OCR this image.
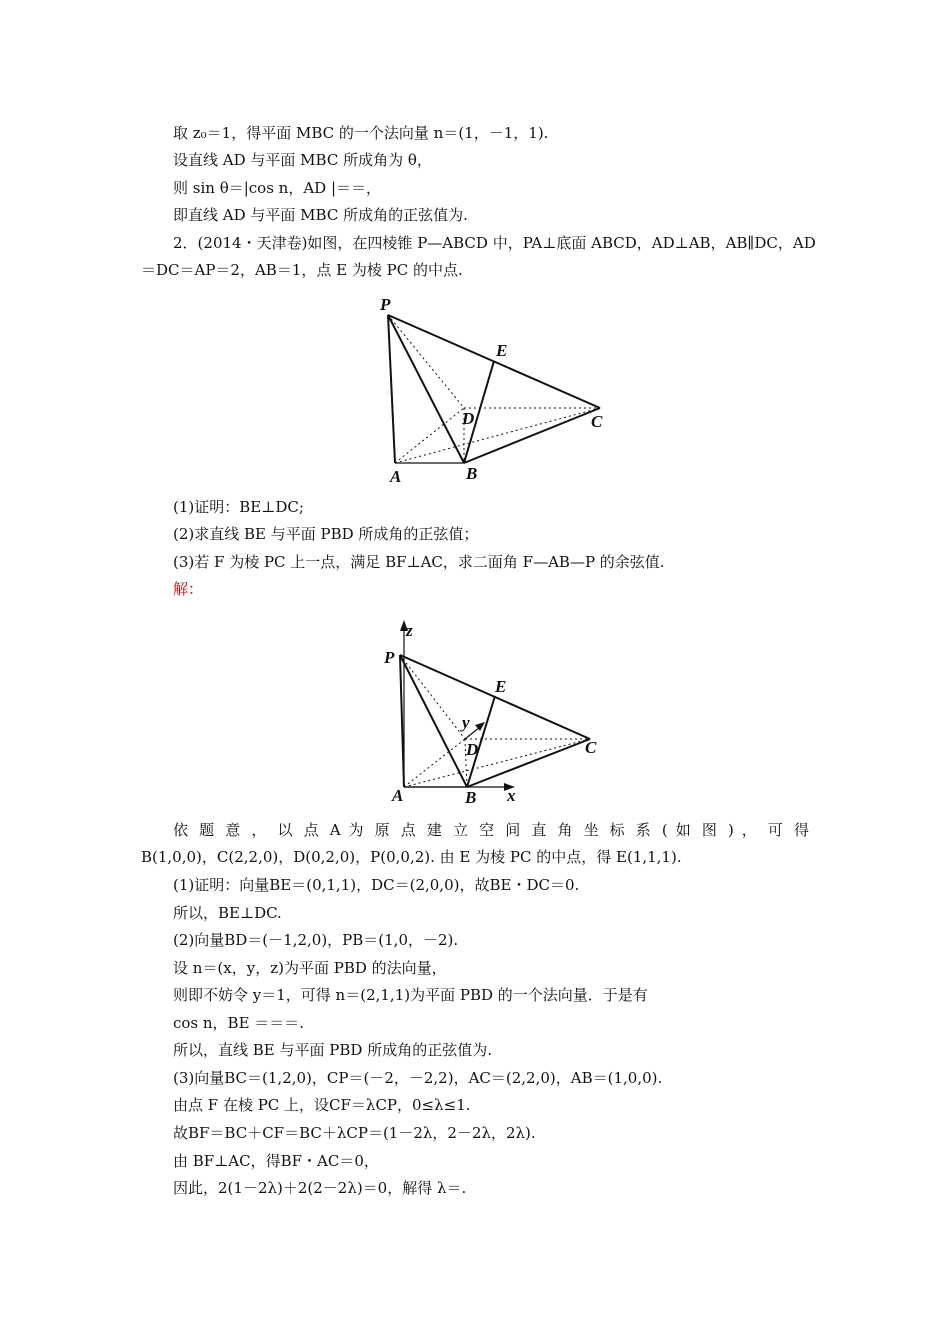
取 z₀＝1，得平面 MBC 的一个法向量 n＝(1，－1，1).
设直线 AD 与平面 MBC 所成角为 θ，
则 sin θ＝|cos n，AD |＝＝，
即直线 AD 与平面 MBC 所成角的正弦值为.
2．(2014・天津卷)如图，在四棱锥 P—ABCD 中，PA⊥底面 ABCD，AD⊥AB，AB∥DC，AD
＝DC＝AP＝2，AB＝1，点 E 为棱 PC 的中点.
P
E
D	C
A	B
(1)证明：BE⊥DC;
(2)求直线 BE 与平面 PBD 所成角的正弦值；
(3)若 F 为棱 PC 上一点，满足 BF⊥AC，求二面角 F—AB—P 的余弦值.
解：
z
P
E
y
D	C
A	B x
依 题 意 ， 以 点 A 为 原 点 建 立 空 间 直 角 坐 标 系 ( 如 图 ) ， 可 得
B(1,0,0)，C(2,2,0)，D(0,2,0)，P(0,0,2). 由 E 为棱 PC 的中点，得 E(1,1,1).
(1)证明：向量BE＝(0,1,1)，DC＝(2,0,0)，故BE・DC＝0.
所以，BE⊥DC.
(2)向量BD＝(－1,2,0)，PB＝(1,0，－2).
设 n＝(x，y，z)为平面 PBD 的法向量，
则即不妨令 y＝1，可得 n＝(2,1,1)为平面 PBD 的一个法向量．于是有
cos n，BE ＝＝＝.
所以，直线 BE 与平面 PBD 所成角的正弦值为.
(3)向量BC＝(1,2,0)，CP＝(－2，－2,2)，AC＝(2,2,0)，AB＝(1,0,0).
由点 F 在棱 PC 上，设CF＝λCP，0≤λ≤1.
故BF＝BC＋CF＝BC＋λCP＝(1－2λ，2－2λ，2λ).
由 BF⊥AC，得BF・AC＝0，
因此，2(1－2λ)＋2(2－2λ)＝0，解得 λ＝.
